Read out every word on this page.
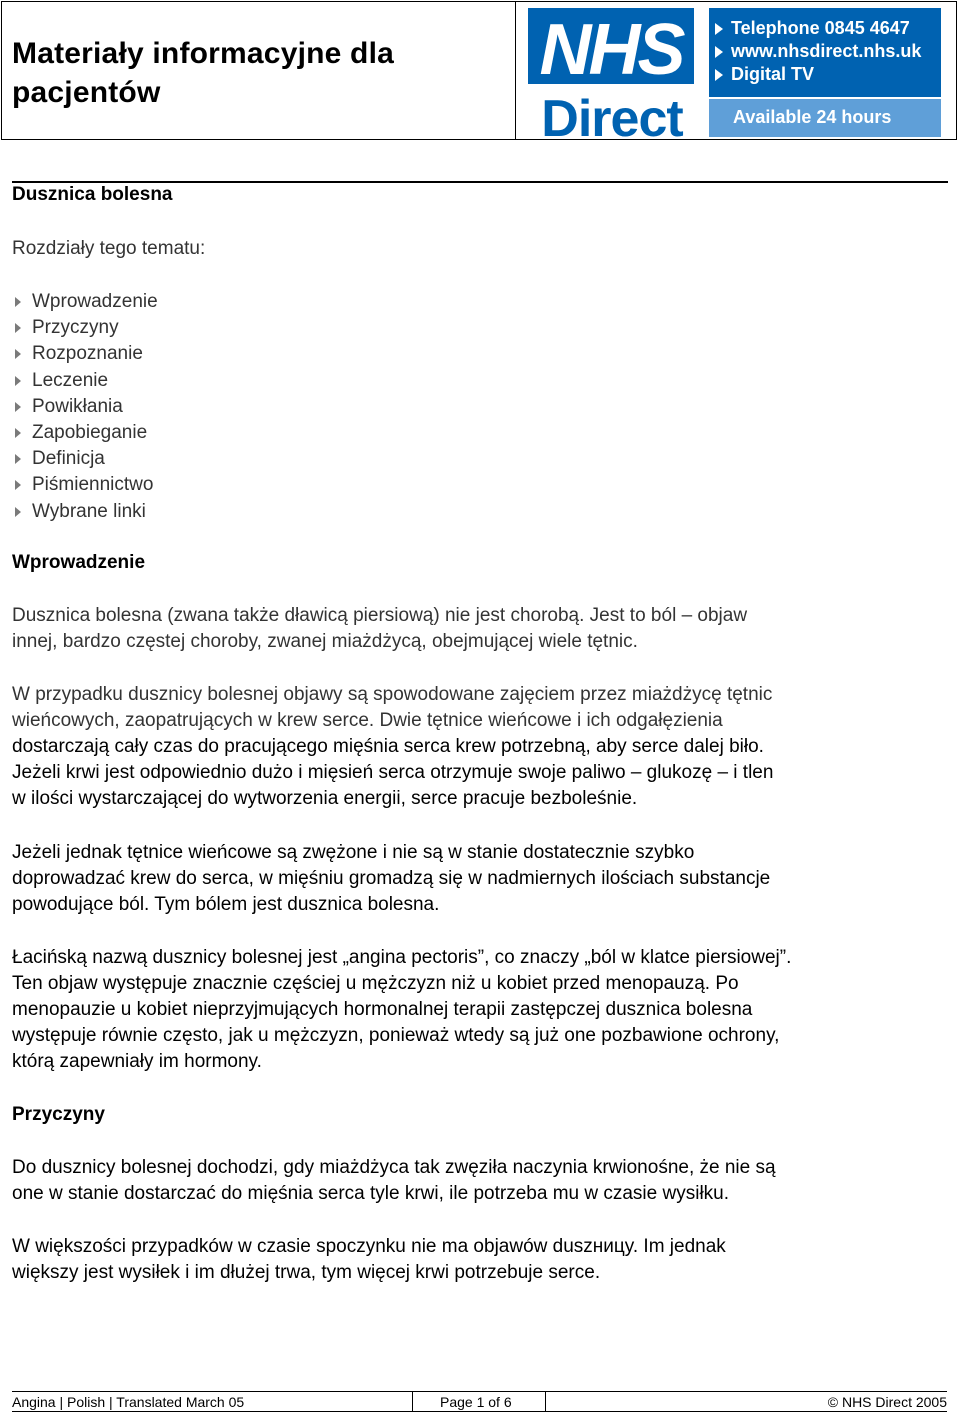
Materiały informacyjne dla pacjentów
NHS
Direct
Telephone 0845 4647
www.nhsdirect.nhs.uk
Digital TV
Available 24 hours
Dusznica bolesna
Rozdziały tego tematu:
Wprowadzenie
Przyczyny
Rozpoznanie
Leczenie
Powikłania
Zapobieganie
Definicja
Piśmiennictwo
Wybrane linki
Wprowadzenie
Dusznica bolesna (zwana także dławicą piersiową) nie jest chorobą. Jest to ból – objaw
innej, bardzo częstej choroby, zwanej miażdżycą, obejmującej wiele tętnic.
W przypadku dusznicy bolesnej objawy są spowodowane zajęciem przez miażdżycę tętnic
wieńcowych, zaopatrujących w krew serce. Dwie tętnice wieńcowe i ich odgałęzienia
dostarczają cały czas do pracującego mięśnia serca krew potrzebną, aby serce dalej biło.
Jeżeli krwi jest odpowiednio dużo i mięsień serca otrzymuje swoje paliwo – glukozę – i tlen
w ilości wystarczającej do wytworzenia energii, serce pracuje bezboleśnie.
Jeżeli jednak tętnice wieńcowe są zwężone i nie są w stanie dostatecznie szybko
doprowadzać krew do serca, w mięśniu gromadzą się w nadmiernych ilościach substancje
powodujące ból. Tym bólem jest dusznica bolesna.
Łacińską nazwą dusznicy bolesnej jest „angina pectoris”, co znaczy „ból w klatce piersiowej”.
Ten objaw występuje znacznie częściej u mężczyzn niż u kobiet przed menopauzą. Po
menopauzie u kobiet nieprzyjmujących hormonalnej terapii zastępczej dusznica bolesna
występuje równie często, jak u mężczyzn, ponieważ wtedy są już one pozbawione ochrony,
którą zapewniały im hormony.
Przyczyny
Do dusznicy bolesnej dochodzi, gdy miażdżyca tak zwęziła naczynia krwionośne, że nie są
one w stanie dostarczać do mięśnia serca tyle krwi, ile potrzeba mu w czasie wysiłku.
W większości przypadków w czasie spoczynku nie ma objawów duszницy. Im jednak
większy jest wysiłek i im dłużej trwa, tym więcej krwi potrzebuje serce.
Angina | Polish | Translated March 05	Page 1 of 6	© NHS Direct 2005
